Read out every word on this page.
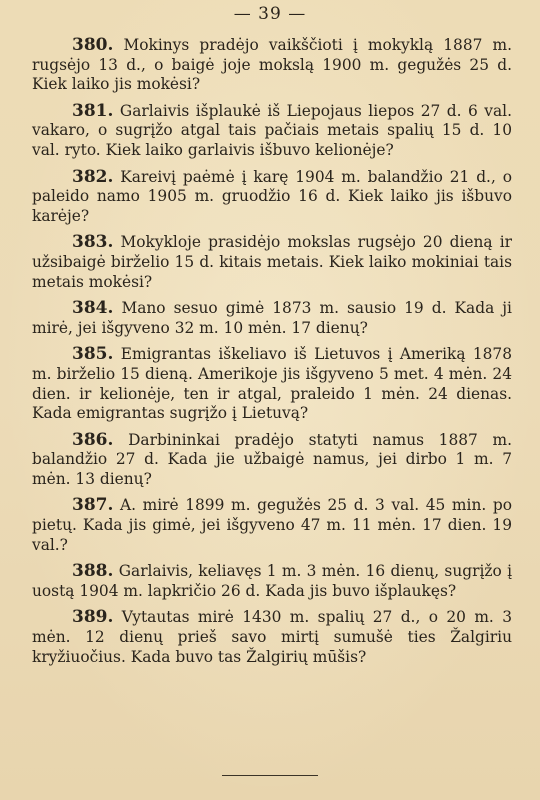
— 39 —

380. Mokinys pradėjo vaikščioti į mokyklą 1887 m. rugsėjo 13 d., o baigė joje mokslą 1900 m. gegužės 25 d. Kiek laiko jis mokėsi?

381. Garlaivis išplaukė iš Liepojaus liepos 27 d. 6 val. vakaro, o sugrįžo atgal tais pačiais metais spalių 15 d. 10 val. ryto. Kiek laiko garlaivis išbuvo kelionėje?

382. Kareivį paėmė į karę 1904 m. balandžio 21 d., o paleido namo 1905 m. gruodžio 16 d. Kiek laiko jis išbuvo karėje?

383. Mokykloje prasidėjo mokslas rugsėjo 20 dieną ir užsibaigė birželio 15 d. kitais metais. Kiek laiko mokiniai tais metais mokėsi?

384. Mano sesuo gimė 1873 m. sausio 19 d. Kada ji mirė, jei išgyveno 32 m. 10 mėn. 17 dienų?

385. Emigrantas iškeliavo iš Lietuvos į Ameriką 1878 m. birželio 15 dieną. Amerikoje jis išgyveno 5 met. 4 mėn. 24 dien. ir kelionėje, ten ir atgal, praleido 1 mėn. 24 dienas. Kada emigrantas sugrįžo į Lietuvą?

386. Darbininkai pradėjo statyti namus 1887 m. balandžio 27 d. Kada jie užbaigė namus, jei dirbo 1 m. 7 mėn. 13 dienų?

387. A. mirė 1899 m. gegužės 25 d. 3 val. 45 min. po pietų. Kada jis gimė, jei išgyveno 47 m. 11 mėn. 17 dien. 19 val.?

388. Garlaivis, keliavęs 1 m. 3 mėn. 16 dienų, sugrįžo į uostą 1904 m. lapkričio 26 d. Kada jis buvo išplaukęs?

389. Vytautas mirė 1430 m. spalių 27 d., o 20 m. 3 mėn. 12 dienų prieš savo mirtį sumušė ties Žalgiriu kryžiuočius. Kada buvo tas Žalgirių mūšis?
